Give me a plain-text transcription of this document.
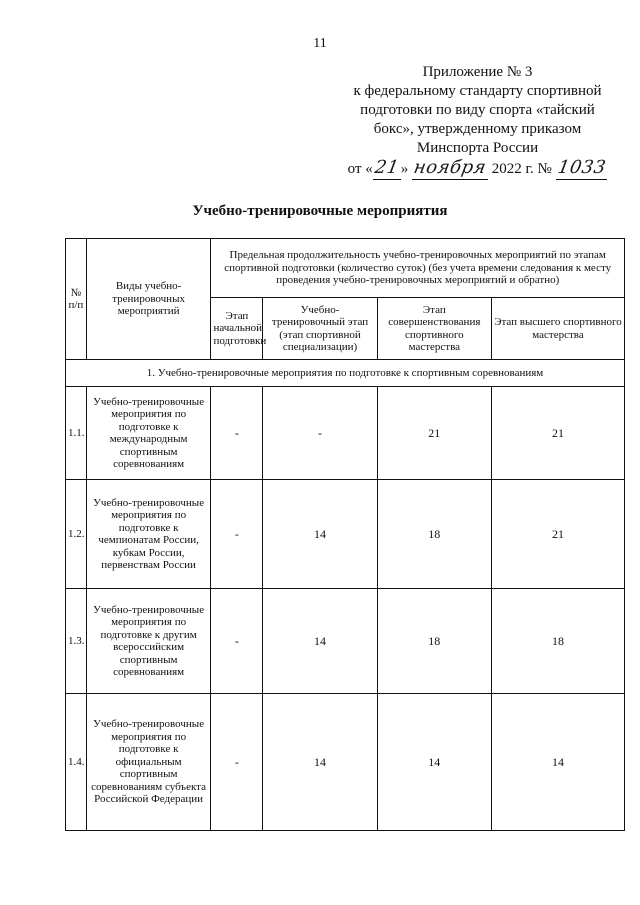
11
Приложение № 3
к федеральному стандарту спортивной
подготовки по виду спорта «тайский
бокс», утвержденному приказом
Минспорта России
от «21» ноября 2022 г. № 1033
Учебно-тренировочные мероприятия
№ п/п	Виды учебно-тренировочных мероприятий	Предельная продолжительность учебно-тренировочных мероприятий по этапам спортивной подготовки (количество суток) (без учета времени следования к месту проведения учебно-тренировочных мероприятий и обратно)			
		Этап начальной подготовки	Учебно-тренировочный этап (этап спортивной специализации)	Этап совершенствования спортивного мастерства	Этап высшего спортивного мастерства
1. Учебно-тренировочные мероприятия по подготовке к спортивным соревнованиям					
1.1.	Учебно-тренировочные мероприятия по подготовке к международным спортивным соревнованиям	-	-	21	21
1.2.	Учебно-тренировочные мероприятия по подготовке к чемпионатам России, кубкам России, первенствам России	-	14	18	21
1.3.	Учебно-тренировочные мероприятия по подготовке к другим всероссийским спортивным соревнованиям	-	14	18	18
1.4.	Учебно-тренировочные мероприятия по подготовке к официальным спортивным соревнованиям субъекта Российской Федерации	-	14	14	14
